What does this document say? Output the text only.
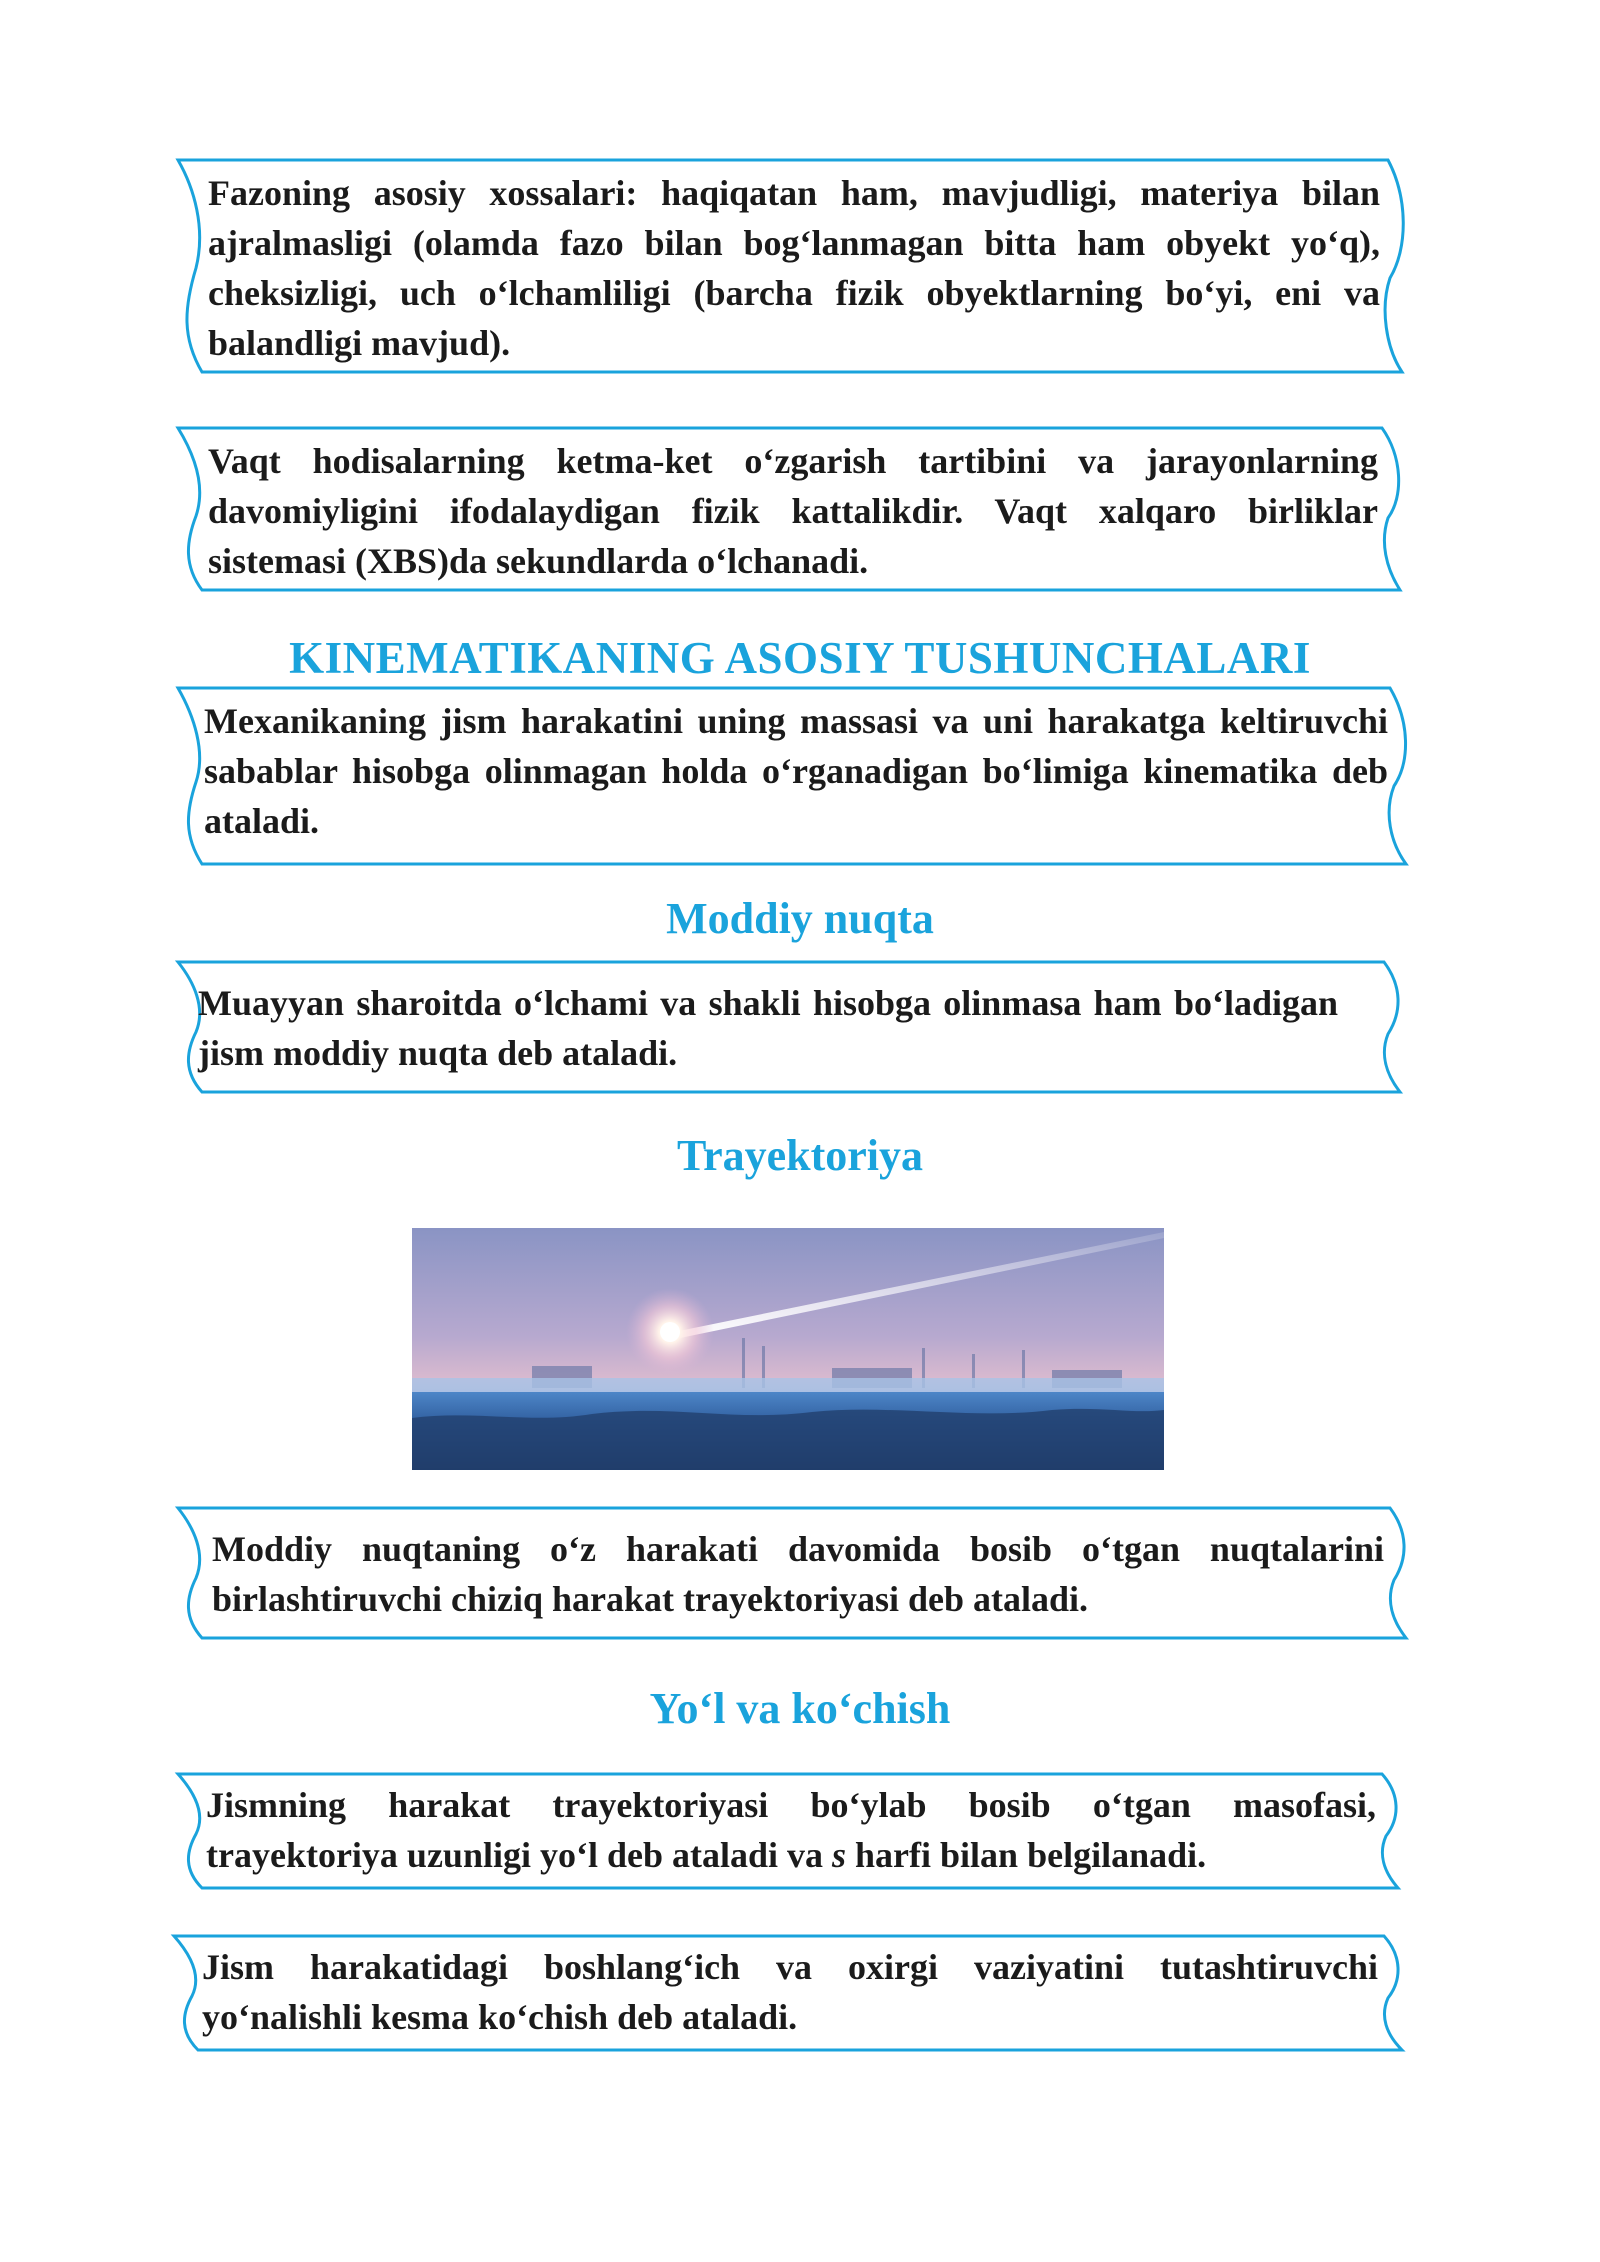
Fazoning asosiy xossalari: haqiqatan ham, mavjudligi, materiya bilan ajralmasligi (olamda fazo bilan bog‘lanmagan bitta ham obyekt yo‘q), cheksizligi, uch o‘lchamliligi (barcha fizik obyektlarning bo‘yi, eni va balandligi mavjud).
Vaqt hodisalarning ketma-ket o‘zgarish tartibini va jarayonlarning davomiyligini ifodalaydigan fizik kattalikdir. Vaqt xalqaro birliklar sistemasi (XBS)da sekundlarda o‘lchanadi.
KINEMATIKANING ASOSIY TUSHUNCHALARI
Mexanikaning jism harakatini uning massasi va uni harakatga keltiruvchi sabablar hisobga olinmagan holda o‘rganadigan bo‘limiga kinematika deb ataladi.
Moddiy nuqta
Muayyan sharoitda o‘lchami va shakli hisobga olinmasa ham bo‘ladigan jism moddiy nuqta deb ataladi.
Trayektoriya
Moddiy nuqtaning o‘z harakati davomida bosib o‘tgan nuqtalarini birlashtiruvchi chiziq harakat trayektoriyasi deb ataladi.
Yo‘l va ko‘chish
Jismning harakat trayektoriyasi bo‘ylab bosib o‘tgan masofasi, trayektoriya uzunligi yo‘l deb ataladi va s harfi bilan belgilanadi.
Jism harakatidagi boshlang‘ich va oxirgi vaziyatini tutashtiruvchi yo‘nalishli kesma ko‘chish deb ataladi.
